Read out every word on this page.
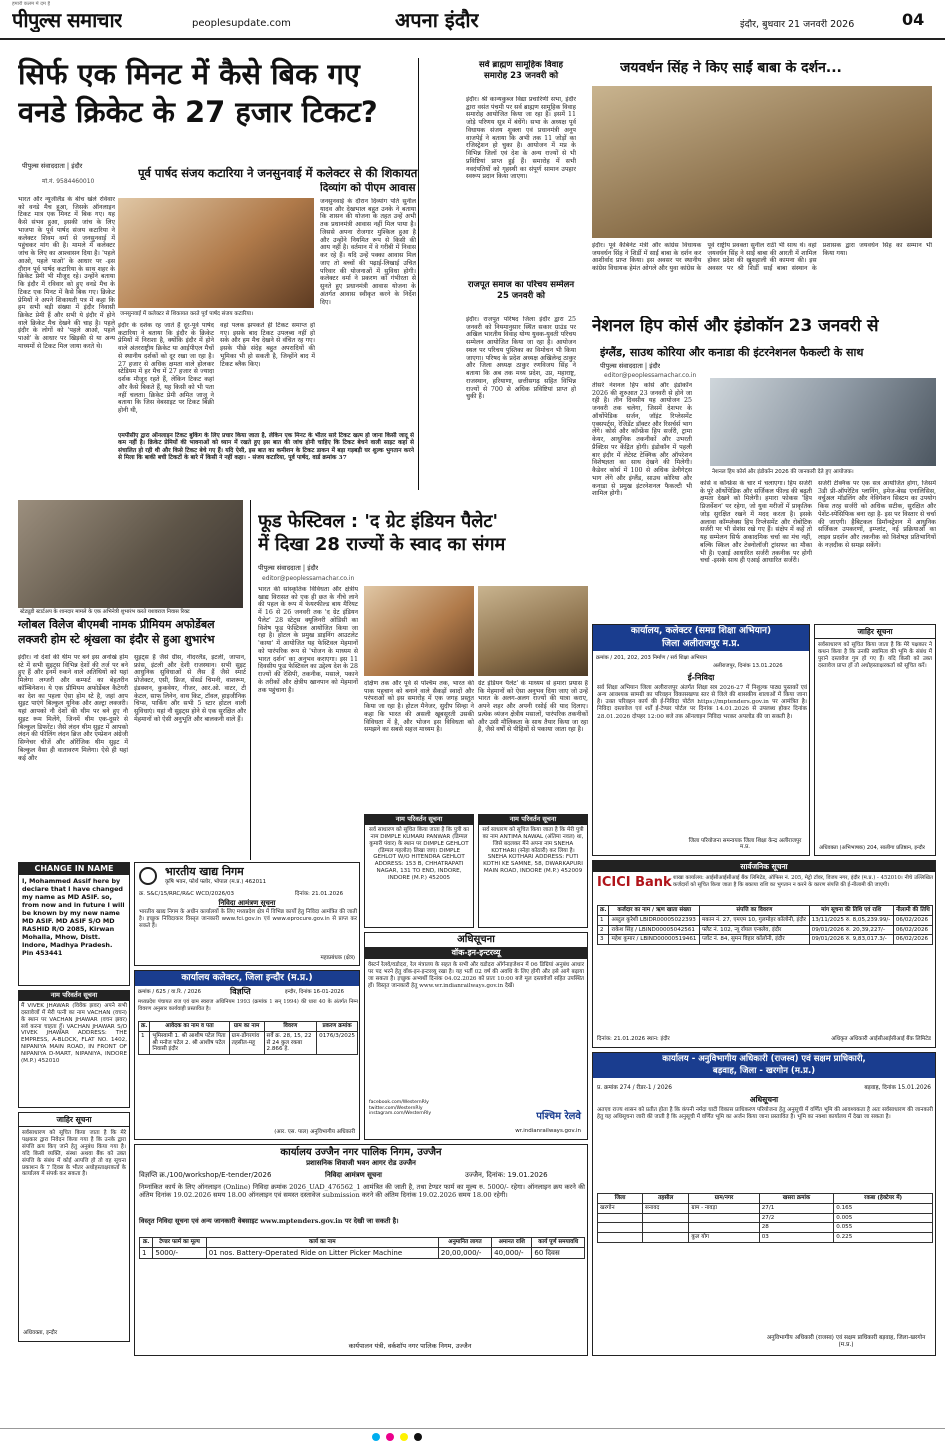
हमारी कलम में दम है
पीपुल्स समाचार	peoplesupdate.com	अपना इंदौर	इंदौर, बुधवार 21 जनवरी 2026	04
सिर्फ एक मिनट में कैसे बिक गए
वनडे क्रिकेट के 27 हजार टिकट?
पीपुल्स संवाददाता | इंदौर
मो.नं. 9584460010
पूर्व पार्षद संजय कटारिया ने जनसुनवाई में कलेक्टर से की शिकायत
भारत और न्यूजीलैंड के बीच खेले रविवार को वनडे मैच हुआ, जिसके ऑनलाइन टिकट मात्र एक मिनट में बिक गए। यह कैसे संभव हुआ, इसकी जांच के लिए भाजपा के पूर्व पार्षद संजय कटारिया ने कलेक्टर शिवम वर्मा से जनसुनवाई में पहुंचकर मांग की है। मामले में कलेक्टर जांच के लिए का आश्वासन दिया है। 'पहले आओ, पहले पाओ' के आधार पर -इस दौरान पूर्व पार्षद कटारिया के साथ शहर के क्रिकेट प्रेमी भी मौजूद रहे। उन्होंने बताया कि इंदौर में रविवार को हुए वनडे मैच के टिकट एक मिनट में कैसे बिक गए। क्रिकेट प्रेमियों ने अपने शिकायती पत्र में कहा कि हम सभी बड़ी संख्या में इंदौर निवासी क्रिकेट प्रेमी हैं और सभी ये इंदौर में होने वाले क्रिकेट मैच देखने की चाह है। पहले इंदौर के लोगों को 'पहले आओ, पहले पाओ' के आधार पर खिड़की से या अन्य माध्यमों से टिकट मिल जाया करते थे।
जनसुनवाई में कलेक्टर से शिकायत करते पूर्व पार्षद संजय कटारिया।
इंदौर के दर्शक रह जाते हैं दूर-पूर्व पार्षद कटारिया ने बताया कि इंदौर के क्रिकेट प्रेमियों में निराशा है, क्योंकि इंदौर में होने वाले अंतरराष्ट्रीय क्रिकेट या आईपीएल मैचों से स्थानीय दर्शकों को दूर रखा जा रहा है। 27 हजार से अधिक क्षमता वाले होलकर स्टेडियम में हर मैच में 27 हजार से ज्यादा दर्शक मौजूद रहते हैं, लेकिन टिकट कहां और कैसे बिकते हैं, यह किसी को भी पता नहीं चलता। क्रिकेट प्रेमी अमित जाजू ने बताया कि जिस वेबसाइट पर टिकट बिक्री होनी थी,
वहां पलक झपकते ही टिकट समाप्त हो गए। इसके बाद टिकट उपलब्ध नहीं हो सके और हम मैच देखने से वंचित रह गए। इसके पीछे संदेह बहुत अपरादियों की भूमिका भी हो सकती है, जिन्होंने बाद में टिकट ब्लैक किए।
एमपीसीए द्वारा ऑनलाइन टिकट बुकिंग के लिए प्रचार किया जाता है, लेकिन एक मिनट के भीतर सारे टिकट खत्म हो जाना किसी जादू से कम नहीं है। क्रिकेट प्रेमियों की भावनाओं को ध्यान में रखते हुए इस बात की जांच होनी चाहिए कि टिकट बेचने वाली साइट कहां से संचालित हो रही थी और किसे टिकट बेचे गए हैं। यदि ऐसी, इस बात का कमीशन के टिकट डाकन में बड़ा गड़बड़ी घर शुल्क भुगतान करने से मिला कि बाकी बची टिकटों के बारे में किसी ने नहीं कहा। - संजय कटारिया, पूर्व पार्षद, वार्ड क्रमांक 37
दिव्यांग को पीएम आवास
जनसुनवाई के दौरान दिव्यांग पति सुनील यादव और देखभाल बहुत उनके ने बताया कि शासन की योजना के तहत उन्हें अभी तक प्रधानमंत्री आवास नहीं मिल पाया है। जिससे अपना रोजगार मुश्किल हुआ है और उन्होंने नियमित रूप से किसी की आय नहीं है। वर्तमान में वे गरीबी में निवास कर रहे हैं। यदि उन्हें पक्का आवास मिल जाए तो बच्चों की पढ़ाई-लिखाई उचित परिवार की योजनाओं में सुविधा होगी। कलेक्टर वर्मा ने प्रकरण को गंभीरता से सुनते हुए प्रधानमंत्री आवास योजना के अंतर्गत आवास स्वीकृत करने के निर्देश दिए।
सर्व ब्राह्मण सामूहिक विवाह समारोह 23 जनवरी को
इंदौर। श्री कान्यकुब्ज विद्या प्रचारिणी सभा, इंदौर द्वारा वसंत पंचमी पर सर्व ब्राह्मण सामूहिक विवाह समारोह आयोजित किया जा रहा है। इसमें 11 जोड़े परिणय सूत्र में बंधेंगे। सभा के अध्यक्ष पूर्व विधायक संजय शुक्ला एवं प्रधानमंत्री अनूप वाजपेई ने बताया कि अभी तक 11 जोड़ों का रजिस्ट्रेशन हो चुका है। आयोजन में मप्र के विभिन्न जिलों एवं देश के अन्य राज्यों से भी प्रविष्टियां प्राप्त हुई हैं। समारोह में सभी नवदंपतियों को गृहस्थी का संपूर्ण सामान उपहार स्वरूप प्रदान किया जाएगा।
राजपूत समाज का परिचय सम्मेलन 25 जनवरी को
इंदौर। राजपूत परिषद जिला इंदौर द्वारा 25 जनवरी को नियमानुसार स्थित सकार ग्राउंड पर अखिल भारतीय विवाह योग्य युवक-युवती परिचय सम्मेलन आयोजित किया जा रहा है। आयोजन स्थल पर परिचय पुस्तिका का विमोचन भी किया जाएगा। परिषद के प्रदेश अध्यक्ष अखिलेन्द्र ठाकुर और जिला अध्यक्ष ठाकुर रणविजय सिंह ने बताया कि अब तक मध्य प्रदेश, उप्र, महाराष्ट्र, राजस्थान, हरियाणा, छत्तीसगढ़ सहित विभिन्न राज्यों से 700 से अधिक प्रविष्टियां प्राप्त हो चुकी हैं।
जयवर्धन सिंह ने किए साईं बाबा के दर्शन...
इंदौर। पूर्व कैबिनेट मंत्री और कांग्रेस विधायक जयवर्धन सिंह ने शिर्डी में साईं बाबा के दर्शन कर आशीर्वाद प्राप्त किया। इस अवसर पर स्थानीय कांग्रेस विधायक हेमंत ओगले और युवा कांग्रेस के पूर्व राष्ट्रीय प्रवक्ता सुनील राठी भी साथ थे। वहां जयवर्धन सिंह ने साईं बाबा की आरती में शामिल होकर प्रदेश की खुशहाली की कामना की। इस अवसर पर श्री शिर्डी साईं बाबा संस्थान के प्रशासक द्वारा जयवर्धन सिंह का सम्मान भी किया गया।
नेशनल हिप कोर्स और इंडोकॉन 23 जनवरी से
इंग्लैंड, साउथ कोरिया और कनाडा की इंटरनेशनल फैकल्टी के साथ
पीपुल्स संवाददाता | इंदौर
editor@peoplessamachar.co.in
तीसरे नेशनल हिप कोर्स और इंडोकॉन 2026 की शुरुआत 23 जनवरी से होने जा रही है। तीन दिवसीय यह आयोजन 25 जनवरी तक चलेगा, जिसमें देशभर के ऑर्थोपेडिक सर्जन, जॉइंट रिप्लेसमेंट एक्सपर्ट्स, रेजिडेंट डॉक्टर और रिसर्चर्स भाग लेंगे। कोर्स और कॉन्फ्रेंस हिप सर्जरी, ट्रामा केयर, आधुनिक तकनीकों और उभरती प्रैक्टिस पर केंद्रित होगी। इंडोकॉन में पहली बार इंदौर में लेटेस्ट टेक्निक और ऑपरेशन विशेषज्ञता का साथ देखने की मिलेगी। कैडेवर कोर्स में 100 से अधिक डेलीगेट्स भाग लेंगे और इंग्लैंड, साउथ कोरिया और कनाडा से प्रमुख इंटरनेशनल फैकल्टी भी शामिल होगी।
नेशनल हिप कोर्स और इंडोकॉन 2026 की जानकारी देते हुए आयोजक।
कोर्स व कॉन्फ्रेंस के चार में चलाएगा। हिप सर्जरी के पूरे ऑर्थोपेडिक और सर्जिकल फील्ड की बढ़ती क्षमता देखने को मिलेगी। हमारा फोकस 'हिप प्रिजर्वेशन' पर रहेगा, जो युवा मरीजों में प्राकृतिक जोड़ सुरक्षित रखने में मदद करता है। इसके अलावा कॉम्प्लेक्स हिप रिप्लेसमेंट और रोबोटिक सर्जरी पर भी सेशंस रखे गए हैं। संक्षेप में कहें तो यह सम्मेलन सिर्फ अकादमिक चर्चा का मंच नहीं, बल्कि स्किल और टेक्नोलॉजी ट्रांसफर का मौका भी है। एआई आधारित सर्जरी तकनीक पर होगी चर्चा -इसके साथ ही एआई आधारित सर्जरी।
सर्जरी टेक्निक पर एक सत्र आयोजित होगा, जिसमें 3डी प्री-ऑपरेटिव प्लानिंग, इमेज-बेस्ड एनालिसिस, वर्चुअल मॉडलिंग और नेविगेशन सिस्टम का उपयोग किस तरह सर्जरी को अधिक सटीक, सुरक्षित और पेशेंट-स्पेसिफिक बना रहा है- इस पर विस्तार से चर्चा की जाएगी। हैबिटकल डिमॉन्स्ट्रेशन में आधुनिक सर्जिकल उपकरणों, इम्प्लांट, नई प्रक्रियाओं का लाइव प्रदर्शन और तकनीक को विशेषज्ञ प्रतिभागियों के नज़दीक से समझ सकेंगे।
स्टेट्यूडी स्टार्टअप के शानदार मामले के एक अभिनेत्री शुभारंभ करते यशवराज निवास रिक्ट
ग्लोबल विलेज बीएमबी नामक प्रीमियम अफोर्डेबल
लक्जरी होम स्टे श्रृंखला का इंदौर से हुआ शुभारंभ
इंदौर। नो देशों की थीम पर बने इस अनोखे होम स्टे में सभी सुइट्स विभिन्न देशों की तर्ज पर बने हुए हैं और इनमें रुकने वाले अतिथियों को यहां मिलेगा लग्जरी और कम्फर्ट का बेहतरीन कॉम्बिनेशन। ये एक प्रीमियम अफोर्डेबल कैटेगरी का देश का पहला ऐसा होम स्टे है, जहां आप सुइट पाएंगे बिल्कुल यूनिक और अल्ट्रा लक्जरी। यहां आपको नौ देशों की थीम पर बने हुए नौ सुइट रूम मिलेंगे, जिनमें थीम एक-दूसरे से बिल्कुल डिफरेंट। जैसे लंदन थीम सुइट में आपको लंदन की फीलिंग लंदन ब्रिज और एम्प्रेशन अंग्रेजी सिग्नेचर चीजें और ऑरेंजिक थीम सुइट में बिल्कुल वैसा ही वातावरण मिलेगा। ऐसे ही यहां कई और
सुइट्स हैं जैसे ग्रीस, नीदरलैंड, इटली, जापान, फ्रांस, इंटली और देशी राजस्थान। सभी सुइट आधुनिक सुविधाओं से लैस हैं जैसे स्मार्ट प्रोजेक्टर, एसी, फ्रिज, सेंसर्ड चिमनी, वाशरूम, इंडक्शन, कुकवेयर, गीजर, आर.ओ. वाटर, टी केटल, साफ लिनेन, वाथ किट, टॉवल, हाइजीनिक चिप्स, पार्किंग और सभी 5 स्टार होटल वाली सुविधाएं। यहां नौ सुइट्स होने से एक सुरक्षित और मेहमानों को ऐसी अनुभूति और बालकनी वाले हैं।
फूड फेस्टिवल : 'द ग्रेट इंडियन पैलेट'
में दिखा 28 राज्यों के स्वाद का संगम
पीपुल्स संवाददाता | इंदौर
editor@peoplessamachar.co.in
भारत की सांस्कृतिक विविधता और क्षेत्रीय खाद्य विरासत को एक ही छत के नीचे लाने की पहल के रूप में फेयरफील्ड बाय मैरियट में 16 से 26 जनवरी तक 'द ग्रेट इंडियन पैलेट' 28 स्टेट्स क्यूलिनरी ओडिसी का विशेष फूड फेस्टिवल आयोजित किया जा रहा है। होटल के प्रमुख डाइनिंग आउटलेट 'काया' में आयोजित यह फेस्टिवल मेहमानों को पारंपरिक रूप से 'भोजन के माध्यम से भारत दर्शन' का अनुभव कराएगा। इस 11 दिवसीय फूड फेस्टिवल का उद्देश्य देश के 28 राज्यों की रेसिपी, तकनीक, मसाले, पकाने के तरीकों और क्षेत्रीय खानपान को मेहमानों तक पहुंचाना है।
दक्षिण तक और पूर्व से पश्चिम तक, भारत की पाक पहचान को बनाने वाले सैकड़ों स्वादों और परंपराओं को इस समारोह में एक जगह प्रस्तुत किया जा रहा है। होटल मैनेजर, सुदीप सिन्हा ने कहा कि भारत की असली खूबसूरती उसकी विविधता में है, और भोजन इस विविधता को समझने का सबसे सहज माध्यम है।
ग्रेट इंडियन पैलेट' के माध्यम से हमारा प्रयास है कि मेहमानों को ऐसा अनुभव दिया जाए जो उन्हें भारत के अलग-अलग राज्यों की यात्रा कराए, अपने शहर और अपनी रसोई की याद दिलाए। प्रत्येक व्यंजन क्षेत्रीय मसालों, पारंपरिक तकनीकों और उसी मौलिकता के साथ तैयार किया जा रहा है, जैसे वर्षों से पीढ़ियों से पकाया जाता रहा है।
नाम परिवर्तन सूचना
सर्व साधारण को सूचित किया जाता है कि पुत्री का नाम DIMPLE KUMARI PANWAR (डिम्पल कुमारी पंवार) के स्थान पर DIMPLE GEHLOT (डिम्पल गहलोत) लिखा जाए। DIMPLE GEHLOT W/O HITENDRA GEHLOT ADDRESS: 153 B, CHHATRAPATI NAGAR, 131 TO END, INDORE, INDORE (M.P.) 452005
नाम परिवर्तन सूचना
सर्व साधारण को सूचित किया जाता है कि मेरी पुत्री का नाम ANTIMA NAWAL (अंतिमा नवल) था, जिसे बदलकर मैंने अपना नाम SNEHA KOTHARI (स्नेहा कोठारी) कर लिया है। SNEHA KOTHARI ADDRESS: FUTI KOTHI KE SAMNE, 58, DWARKAPURI MAIN ROAD, INDORE (M.P.) 452009
भारतीय खाद्य निगम
कृषि भवन, फोर्थ फ्लोर, भोपाल (म.प्र.) 462011
क्र. S&C/15/RRC/R&C WCD/2026/03	दिनांक: 21.01.2026
निविदा आमंत्रण सूचना
भारतीय खाद्य निगम के अधीन कार्यालयों के लिए मध्यप्रदेश क्षेत्र में विभिन्न कार्यों हेतु निविदा आमंत्रित की जाती है। इच्छुक निविदाकार विस्तृत जानकारी www.fci.gov.in एवं www.eprocure.gov.in से प्राप्त कर सकते हैं।
महाप्रबंधक (क्षेत्र)
CHANGE IN NAME
I, Mohammed Assif here by declare that I have changed my name as MD ASIF. so, from now and in future I will be known by my new name MD ASIF. MD ASIF S/O MD RASHID R/O 2085, Kirwan Mohalla, Mhow, Distt. Indore, Madhya Pradesh. Pin 453441
नाम परिवर्तन सूचना
मैं VIVEK JHAWAR (विवेक झवर) अपने सभी दस्तावेजों में मेरी पत्नी का नाम VACHAN (वचन) के स्थान पर VACHAN JHAWAR (वचन झवर) सर्व करना चाहता हूँ। VACHAN JHAWAR S/O VIVEK JHAWAR ADDRESS: THE EMPRESS, A-BLOCK, FLAT NO. 1402, NIPANIYA MAIN ROAD, IN FRONT OF NIPANIYA D-MART, NIPANIYA, INDORE (M.P.) 452010
जाहिर सूचना
सर्वसाधारण को सूचित किया जाता है कि मेरे पक्षकार द्वारा निवेदन किया गया है कि उनके द्वारा संपत्ति क्रय किए जाने हेतु अनुबंध किया गया है। यदि किसी व्यक्ति, संस्था अथवा बैंक को उक्त संपत्ति के संबंध में कोई आपत्ति हो तो वह सूचना प्रकाशन के 7 दिवस के भीतर अधोहस्ताक्षरकर्ता के कार्यालय में संपर्क कर सकता है।
अधिवक्ता, इन्दौर
कार्यालय कलेक्टर, जिला इन्दौर (म.प्र.)
क्रमांक / 625 / वा.रि. / 2026	विज्ञप्ति	इन्दौर, दिनांक 16-01-2026
मध्यप्रदेश पंचायत राज एवं ग्राम स्वराज अधिनियम 1993 (क्रमांक 1 सन् 1994) की धारा 40 के अंतर्गत निम्न विवरण अनुसार कार्यवाही प्रस्तावित है।
क्र.	आवेदक का नाम व पता	ग्राम का नाम	विवरण	प्रकरण क्रमांक
1	भूमिस्वामी 1. श्री आशीष पटेल पिता श्री मनोज पटेल 2. श्री आशीष पटेल निवासी इंदौर	ग्राम-डोंगरगांव तहसील-महू	सर्वे क्र. 28, 15, 22 से 24 कुल रकबा 2.866 हे.	0176/3/2025
(आर. एस. पाल) अनुविभागीय अधिकारी
अधिसूचना
वॉक-इन-इन्टरव्यू
वेस्टर्न रेलवे/वडोदरा, रेल मंत्रालय के सहत के सभी और वडोदरा ऑर्गनाइजेशन में 06 डिग्रियां अनुबंध आधार पर पद भरने हेतु वॉक-इन-इन्टरव्यू रखा है। यह भर्ती 02 वर्ष की अवधि के लिए होगी और इसे आगे बढ़ाया जा सकता है। इच्छुक अभ्यर्थी दिनांक 04.02.2026 को प्रातः 10:00 बजे मूल दस्तावेजों सहित उपस्थित हों। विस्तृत जानकारी हेतु www.wr.indianrailways.gov.in देखें।
facebook.com/WesternRly twitter.com/WesternRly instagram.com/WesternRly	पश्चिम रेलवे
wr.indianrailways.gov.in
कार्यालय उज्जैन नगर पालिक निगम, उज्जैन
प्रशासनिक शिवाजी भवन आगर रोड उज्जैन
विज्ञप्ति क्र./100/workshop/E-tender/2026	निविदा आमंत्रण सूचना	उज्जैन, दिनांक: 19.01.2026
निम्नांकित कार्य के लिए ऑनलाइन (Online) निविदा क्रमांक 2026_UAD_476562_1 आमंत्रित की जाती है, तथा टेण्डर फार्म का मूल्य रु. 5000/- रहेगा। ऑनलाइन क्रय करने की अंतिम दिनांक 19.02.2026 समय 18.00 ऑनलाइन एवं समस्त दस्तावेज submission करने की अंतिम दिनांक 19.02.2026 समय 18.00 रहेगी।
विस्तृत निविदा सूचना एवं अन्य जानकारी वेबसाइट www.mptenders.gov.in पर देखी जा सकती है।
क्र.	टेण्डर फार्म का मूल्य	कार्य का नाम	अनुमानित लागत	अमानत राशि	कार्य पूर्ण समयावधि
1	5000/-	01 nos. Battery-Operated Ride on Litter Picker Machine	20,00,000/-	40,000/-	60 दिवस
कार्यपालन यंत्री, वर्कशॉप नगर पालिक निगम, उज्जैन
कार्यालय, कलेक्टर (समग्र शिक्षा अभियान)
जिला अलीराजपुर म.प्र.
क्रमांक / 201, 202, 203 निर्माण / सर्व शिक्षा अभियान
अलीराजपुर, दिनांक 13.01.2026
ई-निविदा
सर्व शिक्षा अभियान जिला अलीराजपुर अंतर्गत शिक्षा सत्र 2026-27 में निशुल्क पाठ्य पुस्तकों एवं अन्य आवश्यक सामग्री का परिवहन विकासखण्ड स्तर से जिले की शासकीय शालाओं में किया जाना है। उक्त परिवहन कार्य की ई-निविदा पोर्टल https://mptenders.gov.in पर आमंत्रित है। निविदा दस्तावेज एवं शर्तें ई-टेण्डर पोर्टल पर दिनांक 14.01.2026 से उपलब्ध होकर दिनांक 28.01.2026 दोपहर 12:00 बजे तक ऑनलाइन निविदा भरकर अपलोड की जा सकती है।
जिला परियोजना समन्वयक जिला शिक्षा केन्द्र अलीराजपुर म.प्र.
जाहिर सूचना
सर्वसाधारण को सूचित किया जाता है कि मेरे पक्षकार ने कथन किया है कि उनकी स्वामित्व की भूमि के संबंध में पुराने दस्तावेज गुम हो गए हैं। यदि किसी को उक्त दस्तावेज प्राप्त हों तो अधोहस्ताक्षरकर्ता को सूचित करें।
अधिवक्ता (अभिभाषक) 204, सालीगा प्रतिष्ठान, इन्दौर
सार्वजनिक सूचना
ICICI Bank शाखा कार्यालय: आईसीआईसीआई बैंक लिमिटेड, ऑफिस नं. 205, मेट्रो टॉवर, विजय नगर, इंदौर (म.प्र.) - 452010। नीचे उल्लिखित कर्जदारों को सूचित किया जाता है कि बकाया राशि का भुगतान न करने के कारण संपत्ति की ई-नीलामी की जाएगी।
क्र.	कर्जदार का नाम / ऋण खाता संख्या	संपत्ति का विवरण	मांग सूचना की तिथि एवं राशि	नीलामी की तिथि
1	अब्दुल कुरेशी LBIDR00005022393	मकान नं. 27, एमएम 10, गुलमोहर कॉलोनी, इंदौर	13/11/2025 रु. 8,05,239.99/-	06/02/2026
2	राकेश सिंह / LBIND00005042561	फ्लैट नं. 102, न्यू रॉयल एन्क्लेव, इंदौर	09/01/2026 रु. 20,39,227/-	06/02/2026
3	महेश कुमार / LBIND00000519461	प्लॉट नं. 84, सुमन विहार कॉलोनी, इंदौर	09/01/2026 रु. 9,83,017.3/-	06/02/2026
दिनांक: 21.01.2026 स्थान: इंदौर	अधिकृत अधिकारी आईसीआईसीआई बैंक लिमिटेड
कार्यालय - अनुविभागीय अधिकारी (राजस्व) एवं सक्षम प्राधिकारी,
बड़वाह, जिला - खरगोन (म.प्र.)
प्र. क्रमांक 274 / रीडर-1 / 2026	बड़वाह, दिनांक 15.01.2026
अधिसूचना
अतएव राज्य शासन को प्रतीत होता है कि कंपनी नर्मदा घाटी विकास प्राधिकरण परियोजना हेतु अनुसूची में वर्णित भूमि की आवश्यकता है अतः सर्वसाधारण की जानकारी हेतु यह अधिसूचना जारी की जाती है कि अनुसूची में वर्णित भूमि का अर्जन किया जाना प्रस्तावित है। भूमि का नक्शा कार्यालय में देखा जा सकता है।
जिला	तहसील	ग्राम/नगर	खसरा क्रमांक	रकबा (हेक्टेयर में)
खरगोन	सनावद	ग्राम - नावड़ा	27/1	0.165
			27/2	0.005
			28	0.055
		कुल योग	03	0.225
अनुविभागीय अधिकारी (राजस्व) एवं सक्षम प्राधिकारी बड़वाह, जिला-खरगोन (म.प्र.)
